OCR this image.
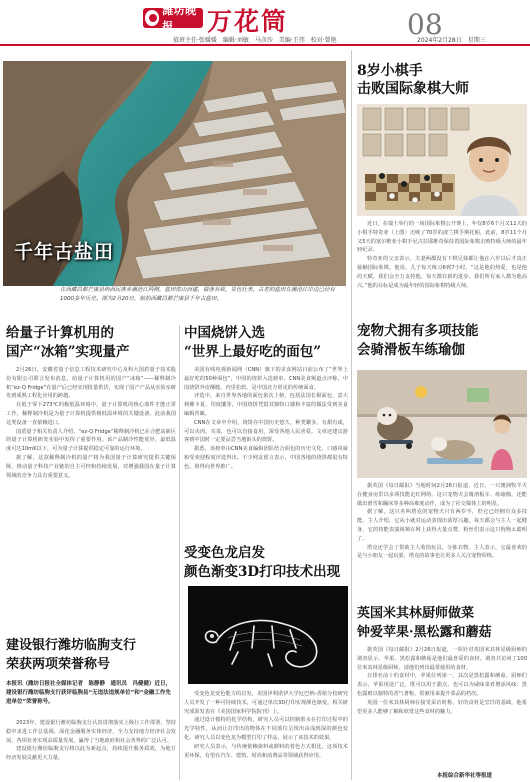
潍坊晚报	万花筒	08
值班主任·张媛媛　编辑·刘敏　马彦莎　美编·王伟　校对·曾艳	2024年2月28日　星期三
千年古盐田
在西藏昌都芒康县纳西民族乡澜沧江两侧，盐田依山而建，错落有致，景色壮美。古老的盐田在澜沧江岸边已经有1000多年历史。图为2月20日，航拍西藏昌都芒康县千年古盐田。
8岁小棋手
击败国际象棋大师

近日，在瑞士举行的一场国际象棋公开赛上，年仅8岁6个月又11天的小棋手特奇亚（上图）击败了70岁的波兰棋手斯托帕，此前，8岁11个月又5天的塞尔维亚小棋手尼古拉耶维奇保持着国际象棋击败特级大师的最年轻纪录。

特奇亚的父亲表示，夫妻两都没有下棋兄妹都让他在六岁以后才真正接触国际象棋。他说，儿子每天练习6到7小时。“这是他的热爱，也是他的天赋，我们会全力支持他，每天都有新的进步，我们所有家人都为他高兴。”他的目标是成为最年轻的国际象棋特级大师。

宠物犬拥有多项技能
会骑滑板车练瑜伽

据英国《每日邮报》当地时间2月26日报道，近日，一只澳洲牧羊犬在健身房里以多项技能走红网络。这只宠物犬会骑滑板车、练瑜伽，还能做出滑雪和蹦床等多种高难度动作，成为了社交媒体上的明星。

据了解，这只名叫塔克的宠物犬只有两岁半，但它已经拥有众多技能。主人介绍，它从小就对运动表现出浓厚兴趣，每天都会与主人一起健身。它的技能表演视频在网上获得大量点赞，粉丝们表示这只狗狗太聪明了。

塔克还学会了帮助主人收拾玩具，分拣衣物。主人表示，它最喜欢的是与小朋友一起玩耍，塔克的故事也让更多人关注宠物训练。

给量子计算机用的
国产“冰箱”实现量产

2月26日，安徽省量子信息工程技术研究中心及科大国盾量子技术股份有限公司联合发布消息，给量子计算机用的国产“冰箱”——稀释制冷机“ez-Q Fridge”在量产后已经实现批量供货，实现了国产产品从实验室研发到成熟工程化应用的跨越。

在低于零下273℃的极低温环境中，量子计算机的核心部件才能正常工作，稀释制冷机是为量子计算机提供极低温环境的关键设备。此前我国这类设备一直依赖进口。

国盾量子相关负责人介绍，“ez-Q Fridge”稀释制冷机已在合肥高新区的量子计算机研发实验中发挥了重要作用。该产品制冷性能优异，最低温度可达10mK以下，可为量子计算提供稳定可靠的运行环境。

据了解，这款稀释制冷机的量产将为我国量子计算研究提供关键保障，推动量子科技产业链的自主可控和持续发展，对增强我国在量子计算领域的竞争力具有重要意义。

中国烧饼入选
“世界上最好吃的面包”

美国有线电视新闻网（CNN）旗下的美食网站日前公布了“世界上最好吃的50种面包”，中国的烧饼入选榜单。CNN美食频道点评称，中国烧饼外皮酥脆、内里松软，是中国北方常见的传统面食。

评选中，来自世界各地的面包依次上榜，包括法国长棍面包、意大利佛卡夏、印度馕等，中国烧饼凭借其独特口感和丰富的做法受到美食编辑青睐。

CNN在文章中介绍，烧饼在中国历史悠久，种类繁多，有甜有咸，可以夹肉、夹菜，也可以直接食用，深受各地人民喜爱。文章还建议游客到中国时一定要品尝当地街头的烧饼。

据悉，该榜单由CNN美食编辑团队结合面包的历史文化、口感风味和受欢迎程度评选得出。不少网友留言表示，中国各地的烧饼都很有特色，值得向世界推广。

受变色龙启发
颜色渐变3D打印技术出现

受变色龙变色能力的启发，美国伊利诺伊大学厄巴纳-香槟分校研究人员开发了一种可持续技术，可通过单次3D打印实现颜色渐变。相关研究成果发表在《美国国家科学院院刊》上。

通过设计独特的化学结构，研究人员可以控制墨水在打印过程中的光学特性，从而让打印出的物体在不同部位呈现出由浅到深的颜色变化。研究人员以变色龙为模型打印了样品，展示了该技术的效果。

研究人员表示，与传统依赖染料或颜料的着色方式相比，这项技术更环保，有望在汽车、建筑、时尚和消费品等领域获得应用。

建设银行潍坊临朐支行
荣获两项荣誉称号
本报讯（潍坊日报社全媒体记者　陈静静　通讯员　冯健健）近日，建设银行潍坊临朐支行获评临朐县“无违法违规单位”和“金融工作先进单位”荣誉称号。

2023年，建设银行潍坊临朐支行认真贯彻落实上级行工作部署，坚持稳中求进工作总基调，深化金融服务实体经济，全力支持地方经济社会发展，各项业务实现高质量发展，赢得了当地政府和社会各界的广泛认可。

建设银行潍坊临朐支行将以此为新起点，持续提升服务质效，为地方经济发展贡献更大力量。

英国米其林厨师做菜
钟爱苹果·黑松露和蘑菇

据英国《每日邮报》2月26日报道，一项针对英国米其林星级厨师的调查显示，苹果、黑松露和蘑菇是他们最喜爱的食材。调查共访问了100位米其林星级厨师，请他们列出最常使用的食材。

在排名前十的食材中，苹果位列第一，其次是黑松露和蘑菇。厨师们表示，苹果用途广泛，既可以用于甜点，也可以为咸味菜肴增添风味；黑松露则以独特的香气著称，常被用来提升菜品的档次。

英国一位米其林厨师在接受采访时称，好的食材是烹饪的基础，他希望更多人能够了解和欣赏这些食材的魅力。

本报综合新华社等报道
